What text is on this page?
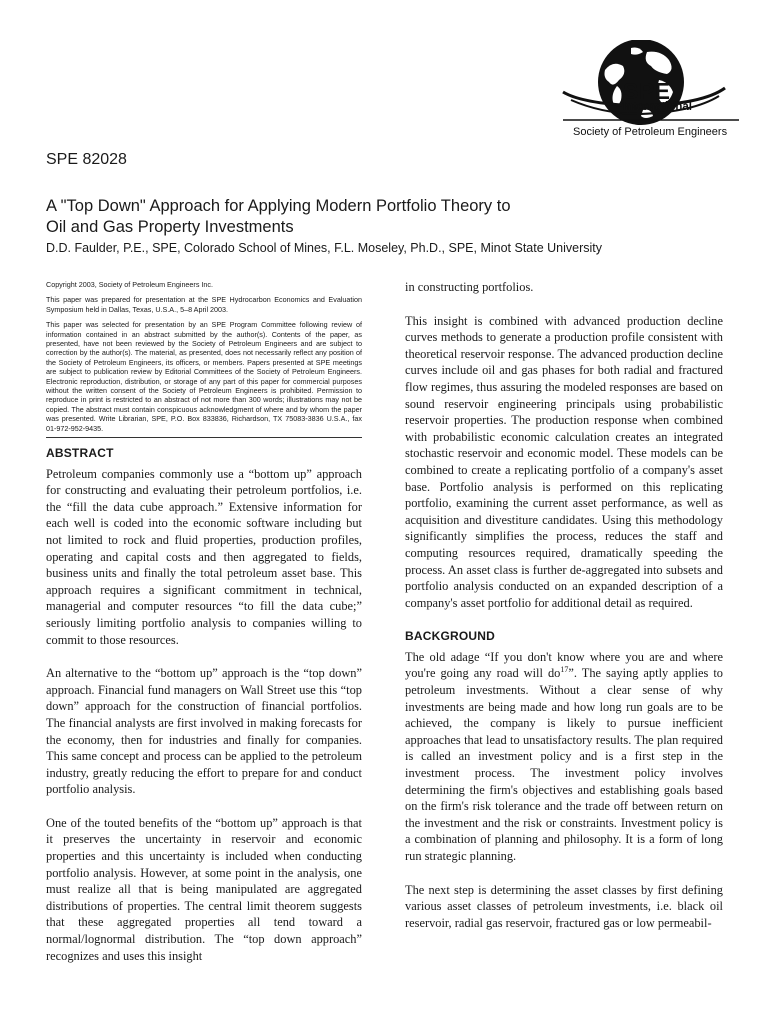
SPE
International
Society of Petroleum Engineers
SPE 82028
A "Top Down" Approach for Applying Modern Portfolio Theory to
Oil and Gas Property Investments
D.D. Faulder, P.E., SPE, Colorado School of Mines, F.L. Moseley, Ph.D., SPE, Minot State University

Copyright 2003, Society of Petroleum Engineers Inc.

This paper was prepared for presentation at the SPE Hydrocarbon Economics and Evaluation Symposium held in Dallas, Texas, U.S.A., 5–8 April 2003.

This paper was selected for presentation by an SPE Program Committee following review of information contained in an abstract submitted by the author(s). Contents of the paper, as presented, have not been reviewed by the Society of Petroleum Engineers and are subject to correction by the author(s). The material, as presented, does not necessarily reflect any position of the Society of Petroleum Engineers, its officers, or members. Papers presented at SPE meetings are subject to publication review by Editorial Committees of the Society of Petroleum Engineers. Electronic reproduction, distribution, or storage of any part of this paper for commercial purposes without the written consent of the Society of Petroleum Engineers is prohibited. Permission to reproduce in print is restricted to an abstract of not more than 300 words; illustrations may not be copied. The abstract must contain conspicuous acknowledgment of where and by whom the paper was presented. Write Librarian, SPE, P.O. Box 833836, Richardson, TX 75083-3836 U.S.A., fax 01-972-952-9435.

ABSTRACT

Petroleum companies commonly use a “bottom up” approach for constructing and evaluating their petroleum portfolios, i.e. the “fill the data cube approach.” Extensive information for each well is coded into the economic software including but not limited to rock and fluid properties, production profiles, operating and capital costs and then aggregated to fields, business units and finally the total petroleum asset base. This approach requires a significant commitment in technical, managerial and computer resources “to fill the data cube;” seriously limiting portfolio analysis to companies willing to commit to those resources.

An alternative to the “bottom up” approach is the “top down” approach. Financial fund managers on Wall Street use this “top down” approach for the construction of financial portfolios. The financial analysts are first involved in making forecasts for the economy, then for industries and finally for companies. This same concept and process can be applied to the petroleum industry, greatly reducing the effort to prepare for and conduct portfolio analysis.

One of the touted benefits of the “bottom up” approach is that it preserves the uncertainty in reservoir and economic properties and this uncertainty is included when conducting portfolio analysis. However, at some point in the analysis, one must realize all that is being manipulated are aggregated distributions of properties. The central limit theorem suggests that these aggregated properties all tend toward a normal/lognormal distribution. The “top down approach” recognizes and uses this insight

in constructing portfolios.

This insight is combined with advanced production decline curves methods to generate a production profile consistent with theoretical reservoir response. The advanced production decline curves include oil and gas phases for both radial and fractured flow regimes, thus assuring the modeled responses are based on sound reservoir engineering principals using probabilistic reservoir properties. The production response when combined with probabilistic economic calculation creates an integrated stochastic reservoir and economic model. These models can be combined to create a replicating portfolio of a company's asset base. Portfolio analysis is performed on this replicating portfolio, examining the current asset performance, as well as acquisition and divestiture candidates. Using this methodology significantly simplifies the process, reduces the staff and computing resources required, dramatically speeding the process. An asset class is further de-aggregated into subsets and portfolio analysis conducted on an expanded description of a company's asset portfolio for additional detail as required.

BACKGROUND

The old adage “If you don't know where you are and where you're going any road will $do^{17}$”. The saying aptly applies to petroleum investments. Without a clear sense of why investments are being made and how long run goals are to be achieved, the company is likely to pursue inefficient approaches that lead to unsatisfactory results. The plan required is called an investment policy and is a first step in the investment process. The investment policy involves determining the firm's objectives and establishing goals based on the firm's risk tolerance and the trade off between return on the investment and the risk or constraints. Investment policy is a combination of planning and philosophy. It is a form of long run strategic planning.

The next step is determining the asset classes by first defining various asset classes of petroleum investments, i.e. black oil reservoir, radial gas reservoir, fractured gas or low permeabil-
